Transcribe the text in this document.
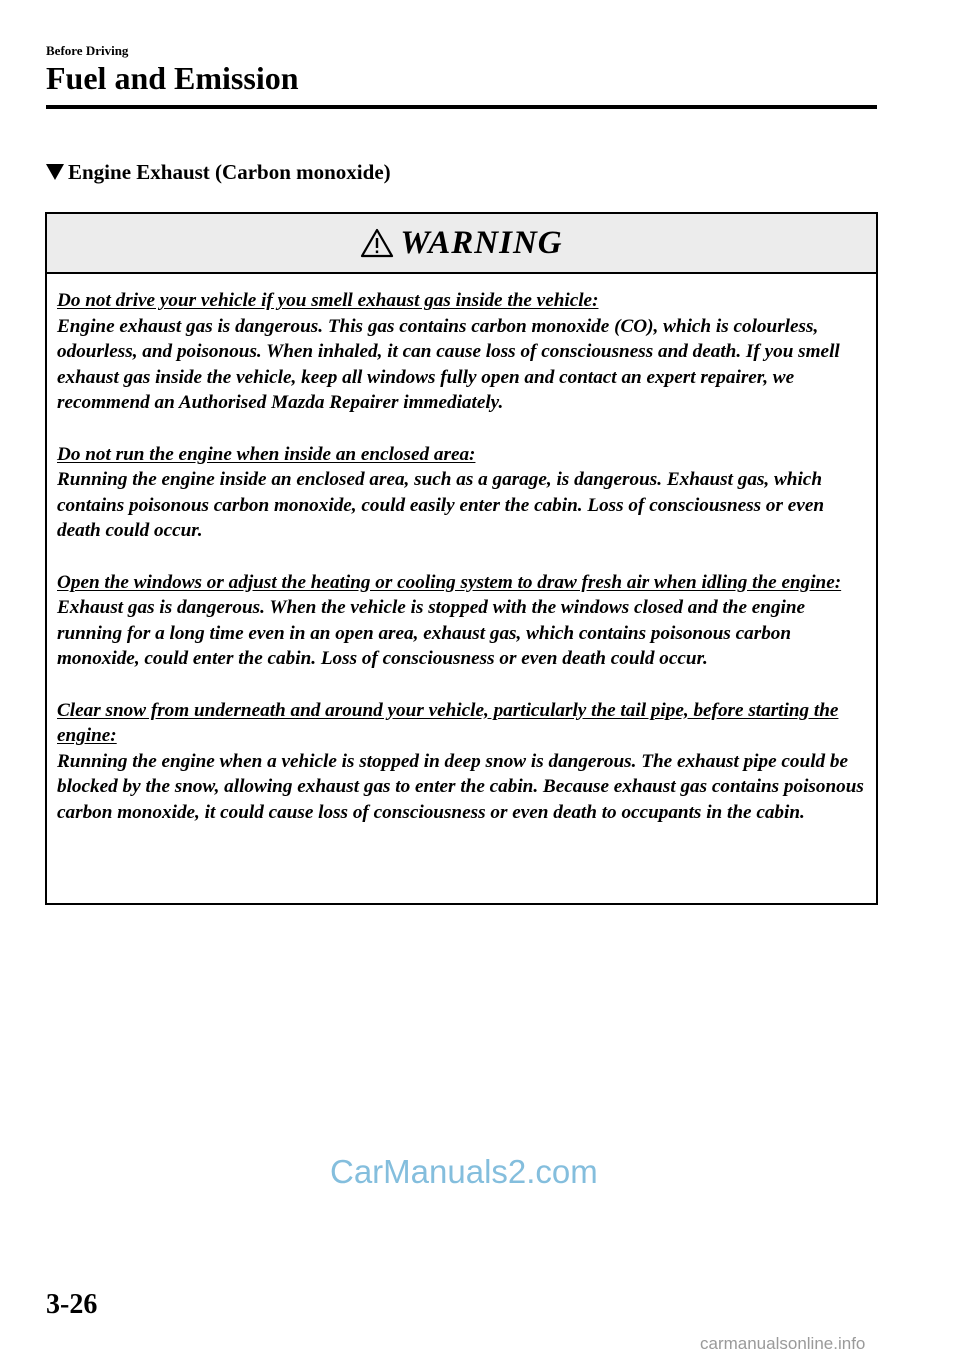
Before Driving
Fuel and Emission
Engine Exhaust (Carbon monoxide)
WARNING
Do not drive your vehicle if you smell exhaust gas inside the vehicle:
Engine exhaust gas is dangerous. This gas contains carbon monoxide (CO), which is colourless, odourless, and poisonous. When inhaled, it can cause loss of consciousness and death. If you smell exhaust gas inside the vehicle, keep all windows fully open and contact an expert repairer, we recommend an Authorised Mazda Repairer immediately.
Do not run the engine when inside an enclosed area:
Running the engine inside an enclosed area, such as a garage, is dangerous. Exhaust gas, which contains poisonous carbon monoxide, could easily enter the cabin. Loss of consciousness or even death could occur.
Open the windows or adjust the heating or cooling system to draw fresh air when idling the engine:
Exhaust gas is dangerous. When the vehicle is stopped with the windows closed and the engine running for a long time even in an open area, exhaust gas, which contains poisonous carbon monoxide, could enter the cabin. Loss of consciousness or even death could occur.
Clear snow from underneath and around your vehicle, particularly the tail pipe, before starting the engine:
Running the engine when a vehicle is stopped in deep snow is dangerous. The exhaust pipe could be blocked by the snow, allowing exhaust gas to enter the cabin. Because exhaust gas contains poisonous carbon monoxide, it could cause loss of consciousness or even death to occupants in the cabin.
CarManuals2.com
3-26
carmanualsonline.info
